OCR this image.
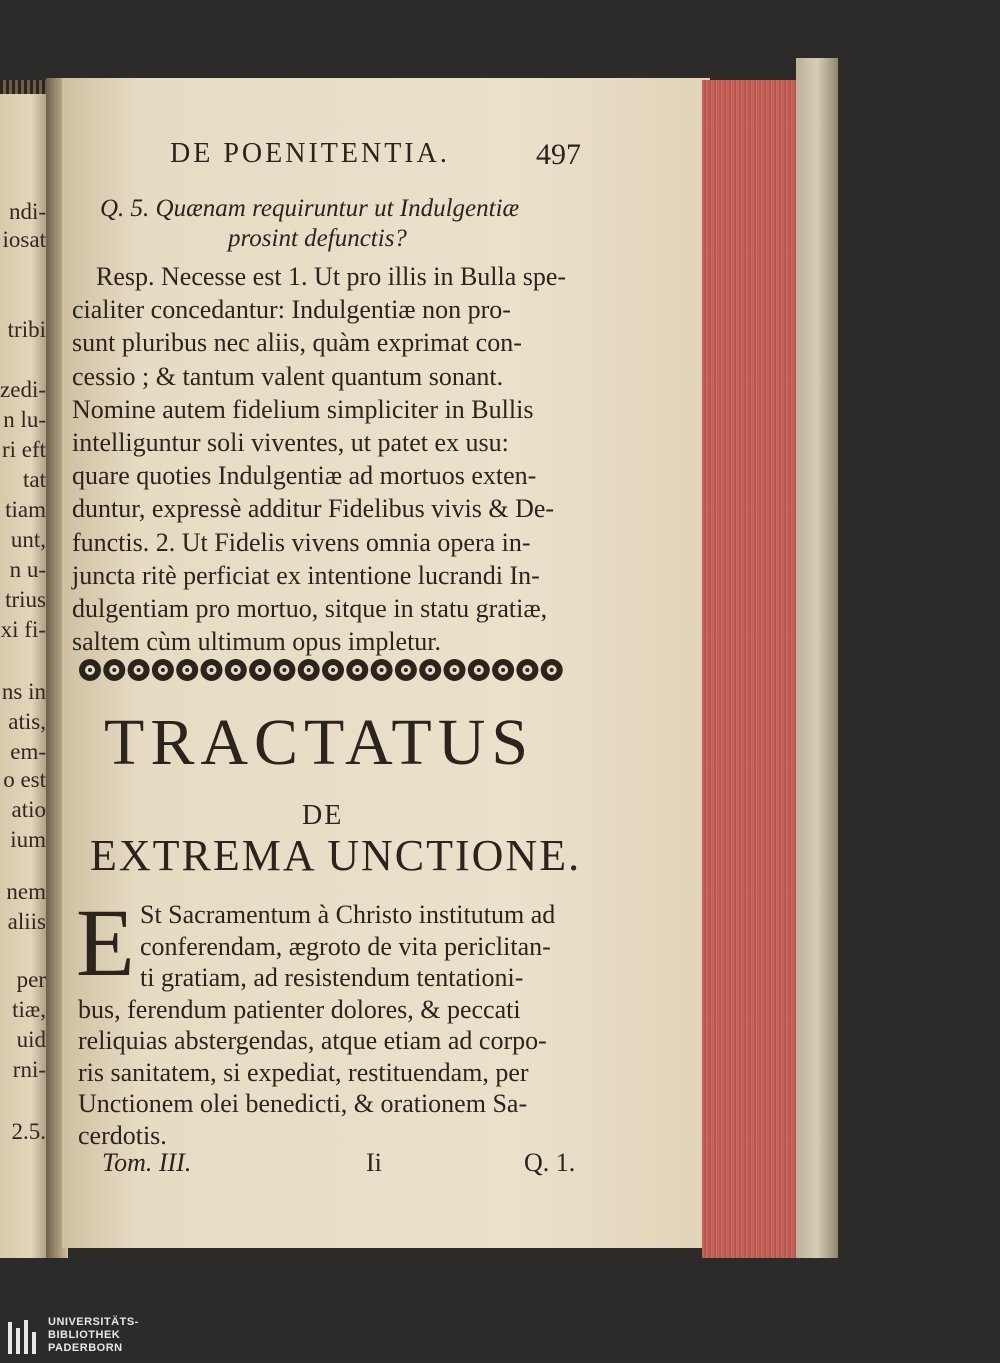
ndi-
iosat
tribi
zedi-
n lu-
ri eft
tat
tiam
unt,
n u-
trius
xi fi-
ns in
atis,
em-
o est
atio
ium
nem
aliis
per
tiæ,
uid
rni-
2.5.
DE POENITENTIA.	497
Q. 5. Quænam requiruntur ut Indulgentiæ
prosint defunctis?
Resp. Necesse est 1. Ut pro illis in Bulla spe-
cialiter concedantur: Indulgentiæ non pro-
sunt pluribus nec aliis, quàm exprimat con-
cessio ; & tantum valent quantum sonant.
Nomine autem fidelium simpliciter in Bullis
intelliguntur soli viventes, ut patet ex usu:
quare quoties Indulgentiæ ad mortuos exten-
duntur, expressè additur Fidelibus vivis & De-
functis. 2. Ut Fidelis vivens omnia opera in-
juncta ritè perficiat ex intentione lucrandi In-
dulgentiam pro mortuo, sitque in statu gratiæ,
saltem cùm ultimum opus impletur.
TRACTATUS
DE
EXTREMA UNCTIONE.
E St Sacramentum à Christo institutum ad
conferendam, ægroto de vita periclitan-
ti gratiam, ad resistendum tentationi-
bus, ferendum patienter dolores, & peccati
reliquias abstergendas, atque etiam ad corpo-
ris sanitatem, si expediat, restituendam, per
Unctionem olei benedicti, & orationem Sa-
cerdotis.
Tom. III.	Ii	Q. 1.
UNIVERSITÄTS-
BIBLIOTHEK
PADERBORN
